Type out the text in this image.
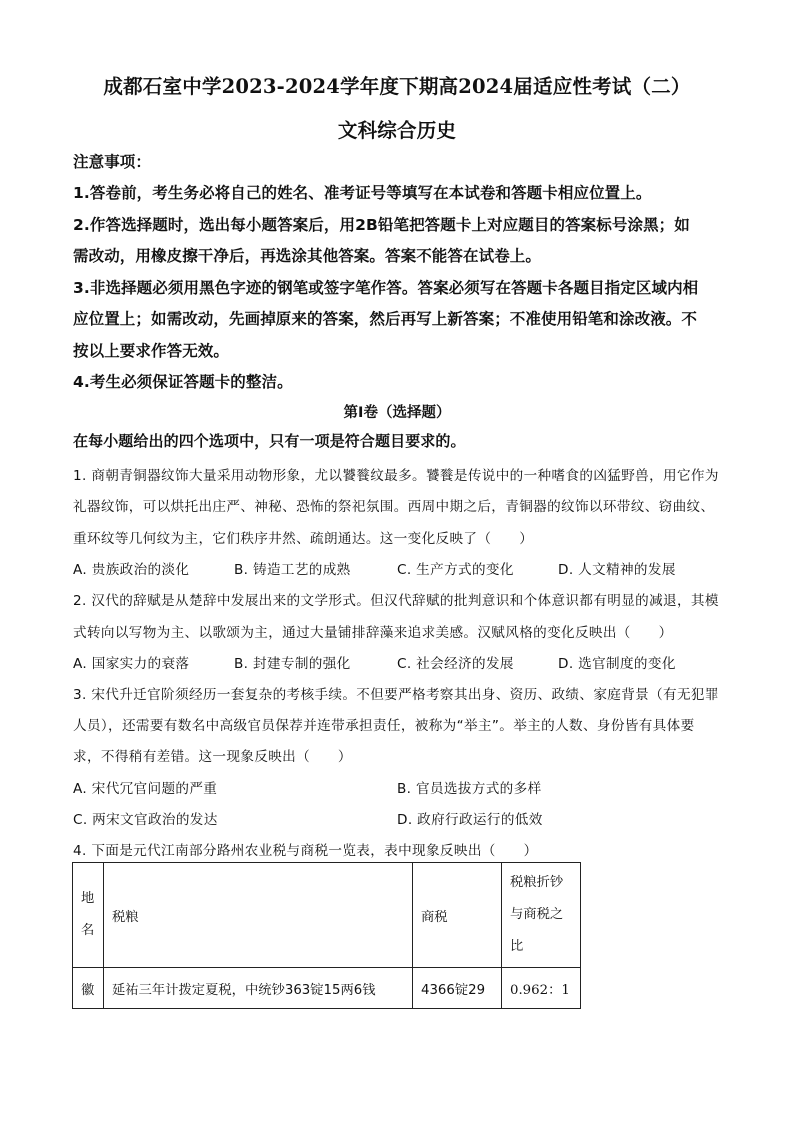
成都石室中学2023-2024学年度下期高2024届适应性考试（二）
文科综合历史
注意事项：
1.答卷前，考生务必将自己的姓名、准考证号等填写在本试卷和答题卡相应位置上。
2.作答选择题时，选出每小题答案后，用2B铅笔把答题卡上对应题目的答案标号涂黑；如
需改动，用橡皮擦干净后，再选涂其他答案。答案不能答在试卷上。
3.非选择题必须用黑色字迹的钢笔或签字笔作答。答案必须写在答题卡各题目指定区域内相
应位置上；如需改动，先画掉原来的答案，然后再写上新答案；不准使用铅笔和涂改液。不
按以上要求作答无效。
4.考生必须保证答题卡的整洁。
第Ⅰ卷（选择题）
在每小题给出的四个选项中，只有一项是符合题目要求的。
1. 商朝青铜器纹饰大量采用动物形象，尤以饕餮纹最多。饕餮是传说中的一种嗜食的凶猛野兽，用它作为
礼器纹饰，可以烘托出庄严、神秘、恐怖的祭祀氛围。西周中期之后，青铜器的纹饰以环带纹、窃曲纹、
重环纹等几何纹为主，它们秩序井然、疏朗通达。这一变化反映了（　　）
A. 贵族政治的淡化	B. 铸造工艺的成熟	C. 生产方式的变化	D. 人文精神的发展
2. 汉代的辞赋是从楚辞中发展出来的文学形式。但汉代辞赋的批判意识和个体意识都有明显的减退，其模
式转向以写物为主、以歌颂为主，通过大量铺排辞藻来追求美感。汉赋风格的变化反映出（　　）
A. 国家实力的衰落	B. 封建专制的强化	C. 社会经济的发展	D. 选官制度的变化
3. 宋代升迁官阶须经历一套复杂的考核手续。不但要严格考察其出身、资历、政绩、家庭背景（有无犯罪
人员），还需要有数名中高级官员保荐并连带承担责任，被称为“举主”。举主的人数、身份皆有具体要
求，不得稍有差错。这一现象反映出（　　）
A. 宋代冗官问题的严重	B. 官员选拔方式的多样
C. 两宋文官政治的发达	D. 政府行政运行的低效
4. 下面是元代江南部分路州农业税与商税一览表，表中现象反映出（　　）
地
名	税粮	商税	税粮折钞
与商税之
比

徽	延祐三年计拨定夏税，中统钞363锭15两6钱	4366锭29	0.962：1
